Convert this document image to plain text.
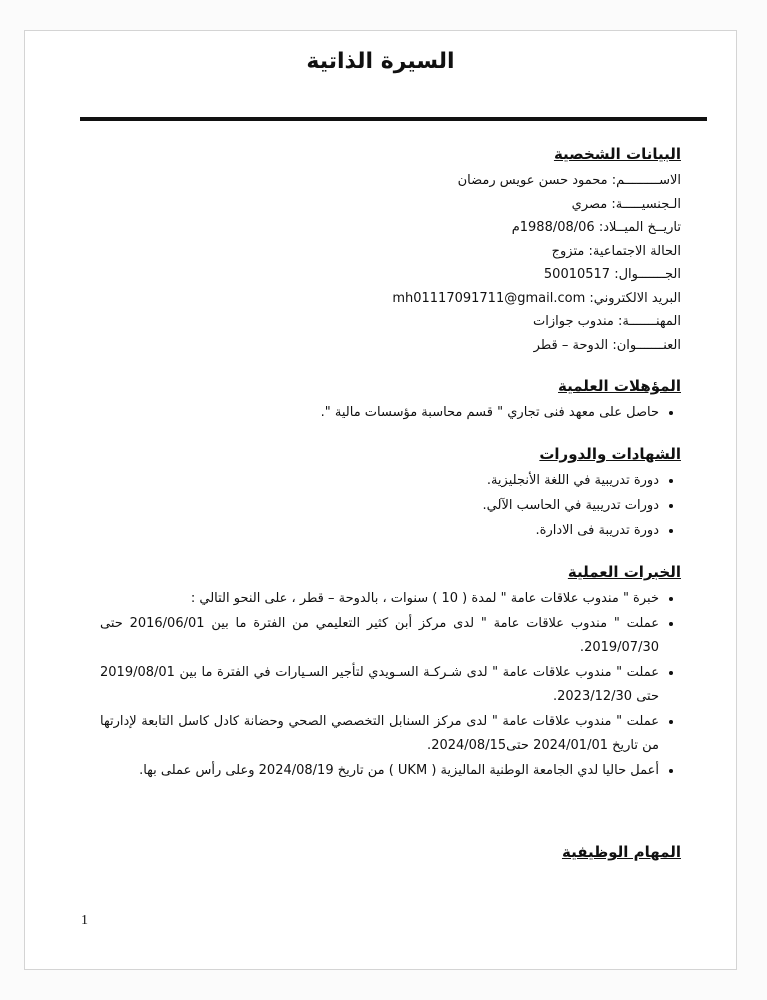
السيرة الذاتية
البيانات الشخصية
الاســـــــــم: محمود حسن عويس رمضان
الـجنسيـــــة: مصري
تاريــخ الميــلاد: 1988/08/06م
الحالة الاجتماعية: متزوج
الجـــــــوال: 50010517
البريد الالكتروني: mh01117091711@gmail.com
المهنـــــــة: مندوب جوازات
العنـــــــوان: الدوحة – قطر
المؤهلات العلمية
• حاصل على معهد فنى تجاري " قسم محاسبة مؤسسات مالية ".
الشهادات والدورات
• دورة تدريبية في اللغة الأنجليزية.
• دورات تدريبية في الحاسب الآلي.
• دورة تدريبة فى الادارة.
الخبرات العملية
• خبرة " مندوب علاقات عامة " لمدة ( 10 ) سنوات ، بالدوحة – قطر ، على النحو التالي :
• عملت " مندوب علاقات عامة " لدى مركز أبن كثير التعليمي من الفترة ما بين 2016/06/01 حتى 2019/07/30.
• عملت " مندوب علاقات عامة " لدى شـركـة السـويدي لتأجير السـيارات في الفترة ما بين 2019/08/01 حتى 2023/12/30.
• عملت " مندوب علاقات عامة " لدى مركز السنابل التخصصي الصحي وحضانة كادل كاسل التابعة لإدارتها من تاريخ 2024/01/01 حتى2024/08/15.
• أعمل حاليا لدي الجامعة الوطنية الماليزية ( UKM ) من تاريخ 2024/08/19 وعلى رأس عملى بها.
المهام الوظيفية
1
